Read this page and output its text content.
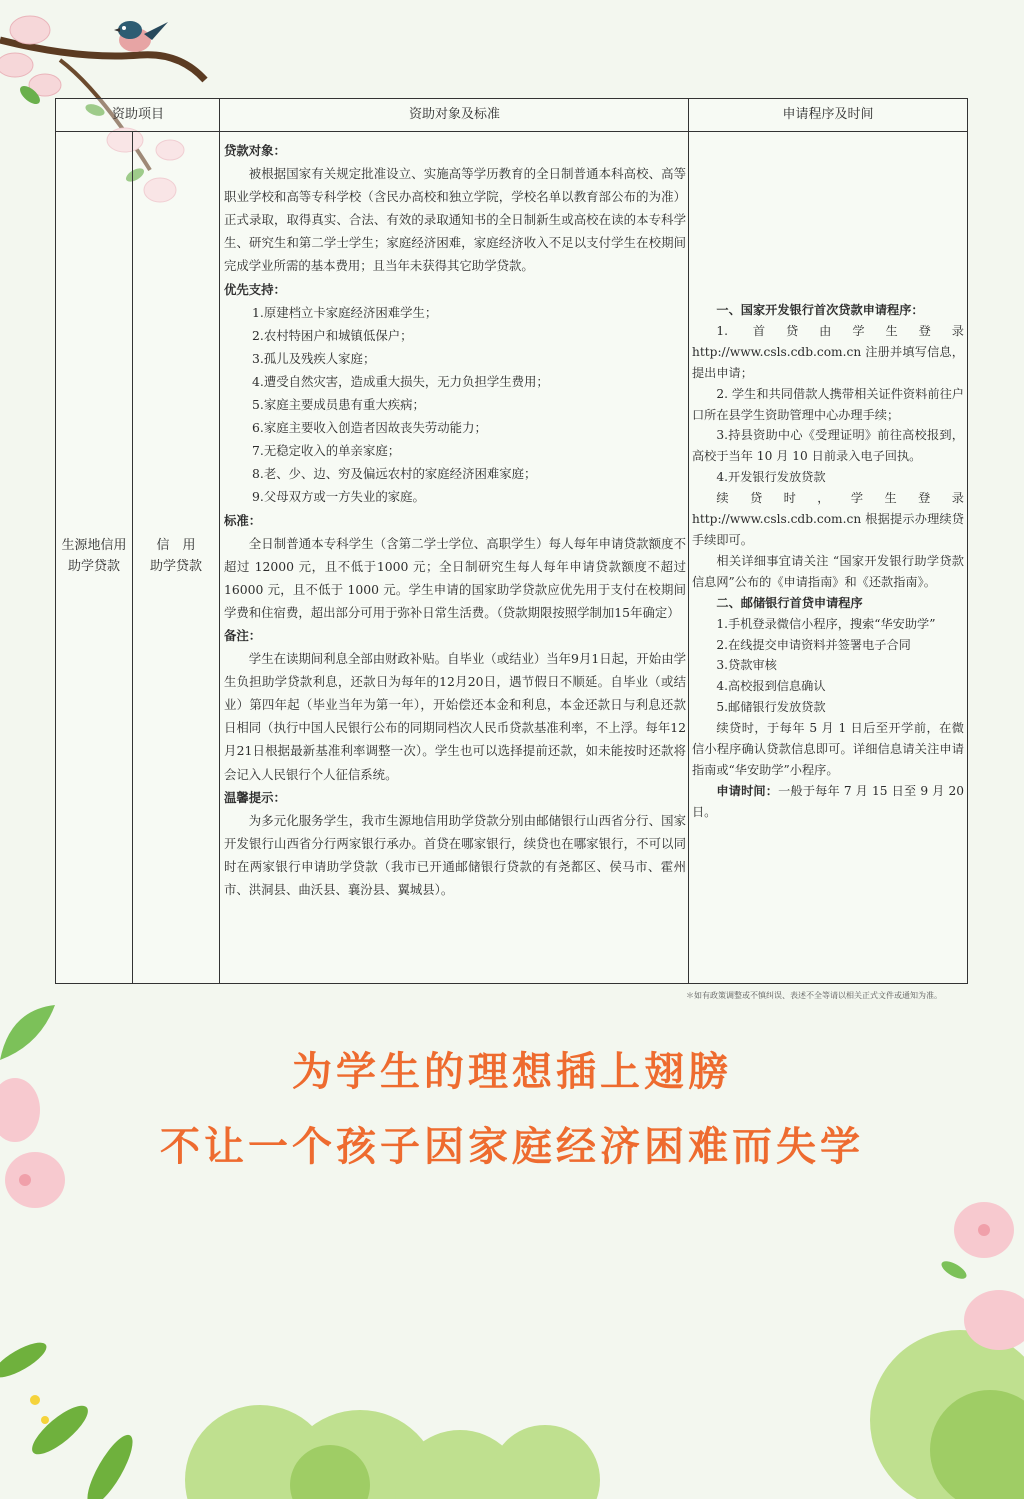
资助项目	资助对象及标准	申请程序及时间
生源地信用
助学贷款
信　用
助学贷款

贷款对象：

被根据国家有关规定批准设立、实施高等学历教育的全日制普通本科高校、高等职业学校和高等专科学校（含民办高校和独立学院，学校名单以教育部公布的为准）正式录取，取得真实、合法、有效的录取通知书的全日制新生或高校在读的本专科学生、研究生和第二学士学生；家庭经济困难，家庭经济收入不足以支付学生在校期间完成学业所需的基本费用；且当年未获得其它助学贷款。

优先支持：

1.原建档立卡家庭经济困难学生；

2.农村特困户和城镇低保户；

3.孤儿及残疾人家庭；

4.遭受自然灾害，造成重大损失，无力负担学生费用；

5.家庭主要成员患有重大疾病；

6.家庭主要收入创造者因故丧失劳动能力；

7.无稳定收入的单亲家庭；

8.老、少、边、穷及偏远农村的家庭经济困难家庭；

9.父母双方或一方失业的家庭。

标准：

全日制普通本专科学生（含第二学士学位、高职学生）每人每年申请贷款额度不超过 12000 元，且不低于1000 元；全日制研究生每人每年申请贷款额度不超过 16000 元，且不低于 1000 元。学生申请的国家助学贷款应优先用于支付在校期间学费和住宿费，超出部分可用于弥补日常生活费。（贷款期限按照学制加15年确定）

备注：

学生在读期间利息全部由财政补贴。自毕业（或结业）当年9月1日起，开始由学生负担助学贷款利息，还款日为每年的12月20日，遇节假日不顺延。自毕业（或结业）第四年起（毕业当年为第一年），开始偿还本金和利息，本金还款日与利息还款日相同（执行中国人民银行公布的同期同档次人民币贷款基准利率，不上浮。每年12月21日根据最新基准利率调整一次）。学生也可以选择提前还款，如未能按时还款将会记入人民银行个人征信系统。

温馨提示：

为多元化服务学生，我市生源地信用助学贷款分别由邮储银行山西省分行、国家开发银行山西省分行两家银行承办。首贷在哪家银行，续贷也在哪家银行，不可以同时在两家银行申请助学贷款（我市已开通邮储银行贷款的有尧都区、侯马市、霍州市、洪洞县、曲沃县、襄汾县、翼城县）。

一、国家开发银行首次贷款申请程序：

1. 首贷由学生登录 http://www.csls.cdb.com.cn 注册并填写信息，提出申请；

2. 学生和共同借款人携带相关证件资料前往户口所在县学生资助管理中心办理手续；

3.持县资助中心《受理证明》前往高校报到，高校于当年 10 月 10 日前录入电子回执。

4.开发银行发放贷款

续贷时，学生登录 http://www.csls.cdb.com.cn 根据提示办理续贷手续即可。

相关详细事宜请关注 “国家开发银行助学贷款信息网”公布的《申请指南》和《还款指南》。

二、邮储银行首贷申请程序

1.手机登录微信小程序，搜索“华安助学”

2.在线提交申请资料并签署电子合同

3.贷款审核

4.高校报到信息确认

5.邮储银行发放贷款

续贷时，于每年 5 月 1 日后至开学前，在微信小程序确认贷款信息即可。详细信息请关注申请指南或“华安助学”小程序。

申请时间：一般于每年 7 月 15 日至 9 月 20 日。

＊如有政策调整或不慎纠误、表述不全等请以相关正式文件或通知为准。
为学生的理想插上翅膀
不让一个孩子因家庭经济困难而失学
